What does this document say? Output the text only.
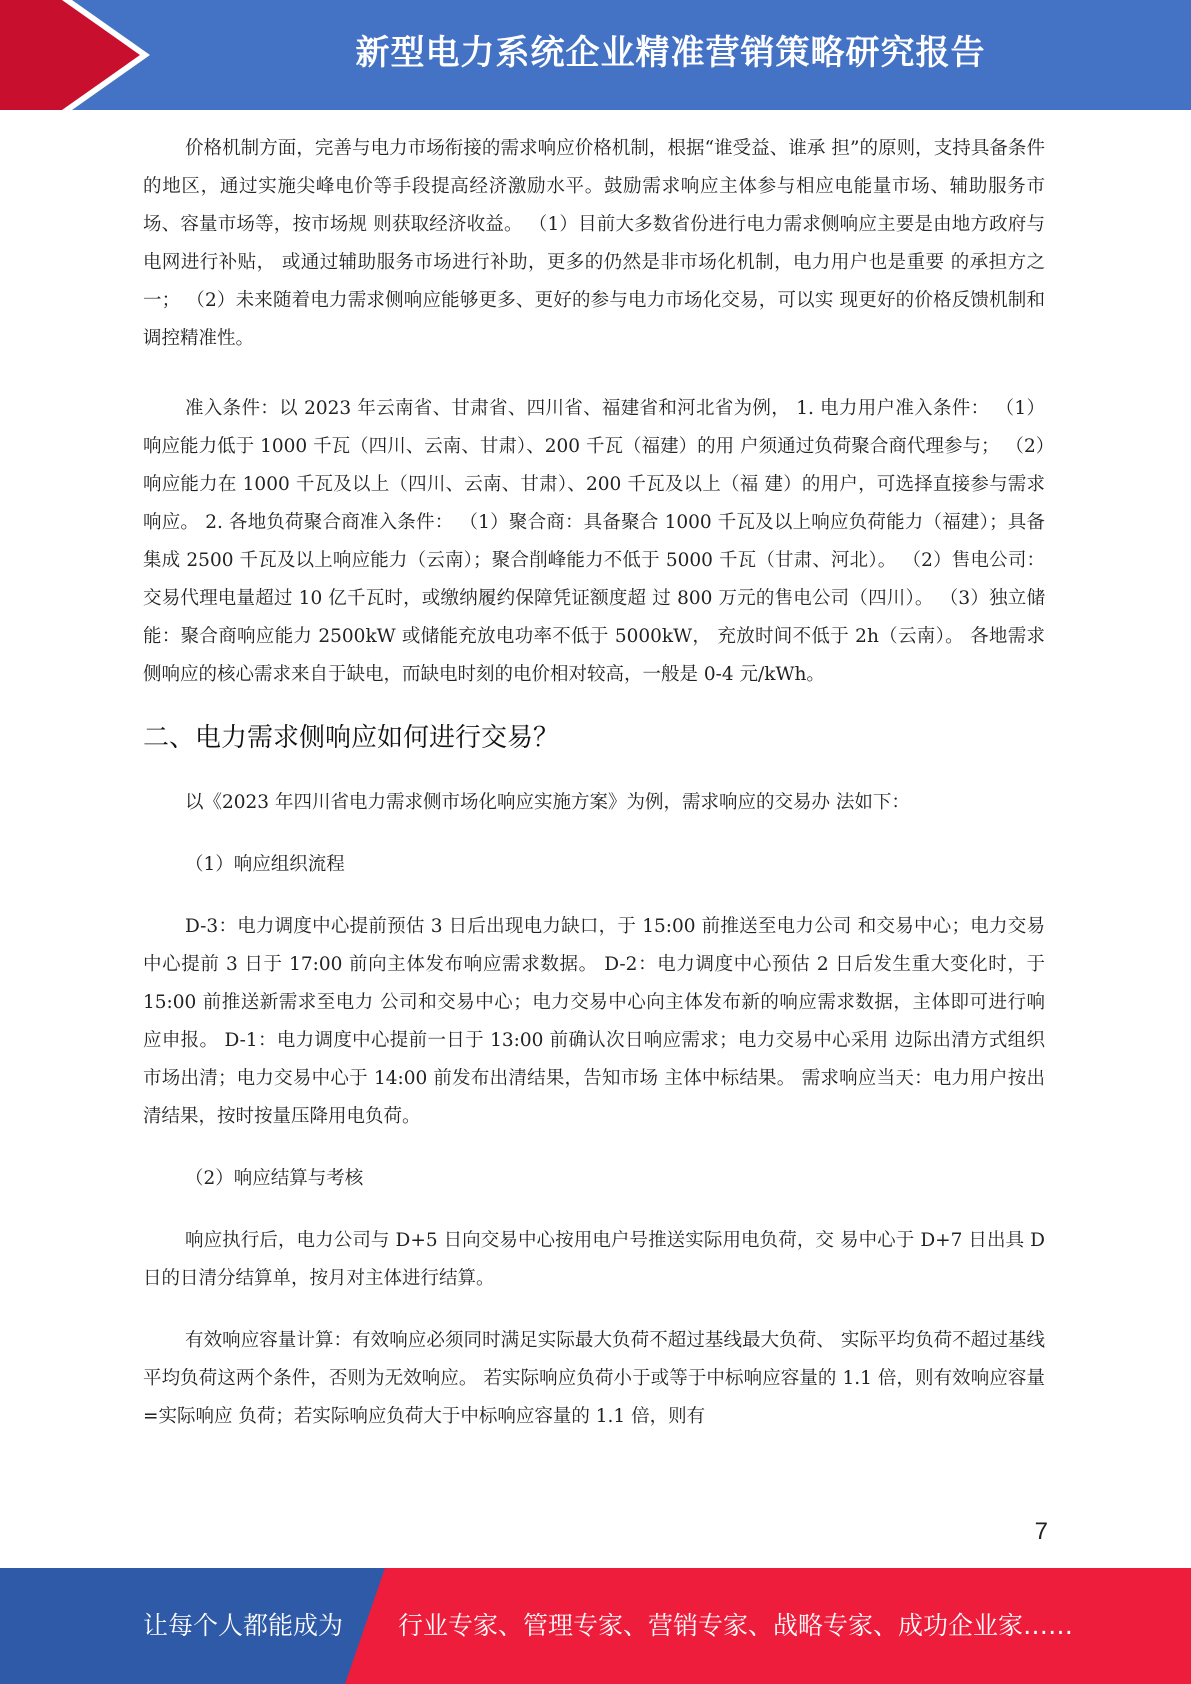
新型电力系统企业精准营销策略研究报告

价格机制方面，完善与电力市场衔接的需求响应价格机制，根据“谁受益、谁承 担”的原则，支持具备条件的地区，通过实施尖峰电价等手段提高经济激励水平。鼓励需求响应主体参与相应电能量市场、辅助服务市场、容量市场等，按市场规 则获取经济收益。 （1）目前大多数省份进行电力需求侧响应主要是由地方政府与电网进行补贴， 或通过辅助服务市场进行补助，更多的仍然是非市场化机制，电力用户也是重要 的承担方之一； （2）未来随着电力需求侧响应能够更多、更好的参与电力市场化交易，可以实 现更好的价格反馈机制和调控精准性。

准入条件：以 2023 年云南省、甘肃省、四川省、福建省和河北省为例， 1. 电力用户准入条件： （1）响应能力低于 1000 千瓦（四川、云南、甘肃）、200 千瓦（福建）的用 户须通过负荷聚合商代理参与； （2）响应能力在 1000 千瓦及以上（四川、云南、甘肃）、200 千瓦及以上（福 建）的用户，可选择直接参与需求响应。 2. 各地负荷聚合商准入条件： （1）聚合商：具备聚合 1000 千瓦及以上响应负荷能力（福建）；具备集成 2500 千瓦及以上响应能力（云南）；聚合削峰能力不低于 5000 千瓦（甘肃、河北）。 （2）售电公司：交易代理电量超过 10 亿千瓦时，或缴纳履约保障凭证额度超 过 800 万元的售电公司（四川）。 （3）独立储能：聚合商响应能力 2500kW 或储能充放电功率不低于 5000kW， 充放时间不低于 2h（云南）。 各地需求侧响应的核心需求来自于缺电，而缺电时刻的电价相对较高，一般是 0-4 元/kWh。

二、电力需求侧响应如何进行交易？

以《2023 年四川省电力需求侧市场化响应实施方案》为例，需求响应的交易办 法如下：

（1）响应组织流程

D-3：电力调度中心提前预估 3 日后出现电力缺口，于 15:00 前推送至电力公司 和交易中心；电力交易中心提前 3 日于 17:00 前向主体发布响应需求数据。 D-2：电力调度中心预估 2 日后发生重大变化时，于 15:00 前推送新需求至电力 公司和交易中心；电力交易中心向主体发布新的响应需求数据，主体即可进行响 应申报。 D-1：电力调度中心提前一日于 13:00 前确认次日响应需求；电力交易中心采用 边际出清方式组织市场出清；电力交易中心于 14:00 前发布出清结果，告知市场 主体中标结果。 需求响应当天：电力用户按出清结果，按时按量压降用电负荷。

（2）响应结算与考核

响应执行后，电力公司与 D+5 日向交易中心按用电户号推送实际用电负荷，交 易中心于 D+7 日出具 D 日的日清分结算单，按月对主体进行结算。

有效响应容量计算：有效响应必须同时满足实际最大负荷不超过基线最大负荷、 实际平均负荷不超过基线平均负荷这两个条件，否则为无效响应。 若实际响应负荷小于或等于中标响应容量的 1.1 倍，则有效响应容量=实际响应 负荷；若实际响应负荷大于中标响应容量的 1.1 倍，则有

7
让每个人都能成为 行业专家、管理专家、营销专家、战略专家、成功企业家……
